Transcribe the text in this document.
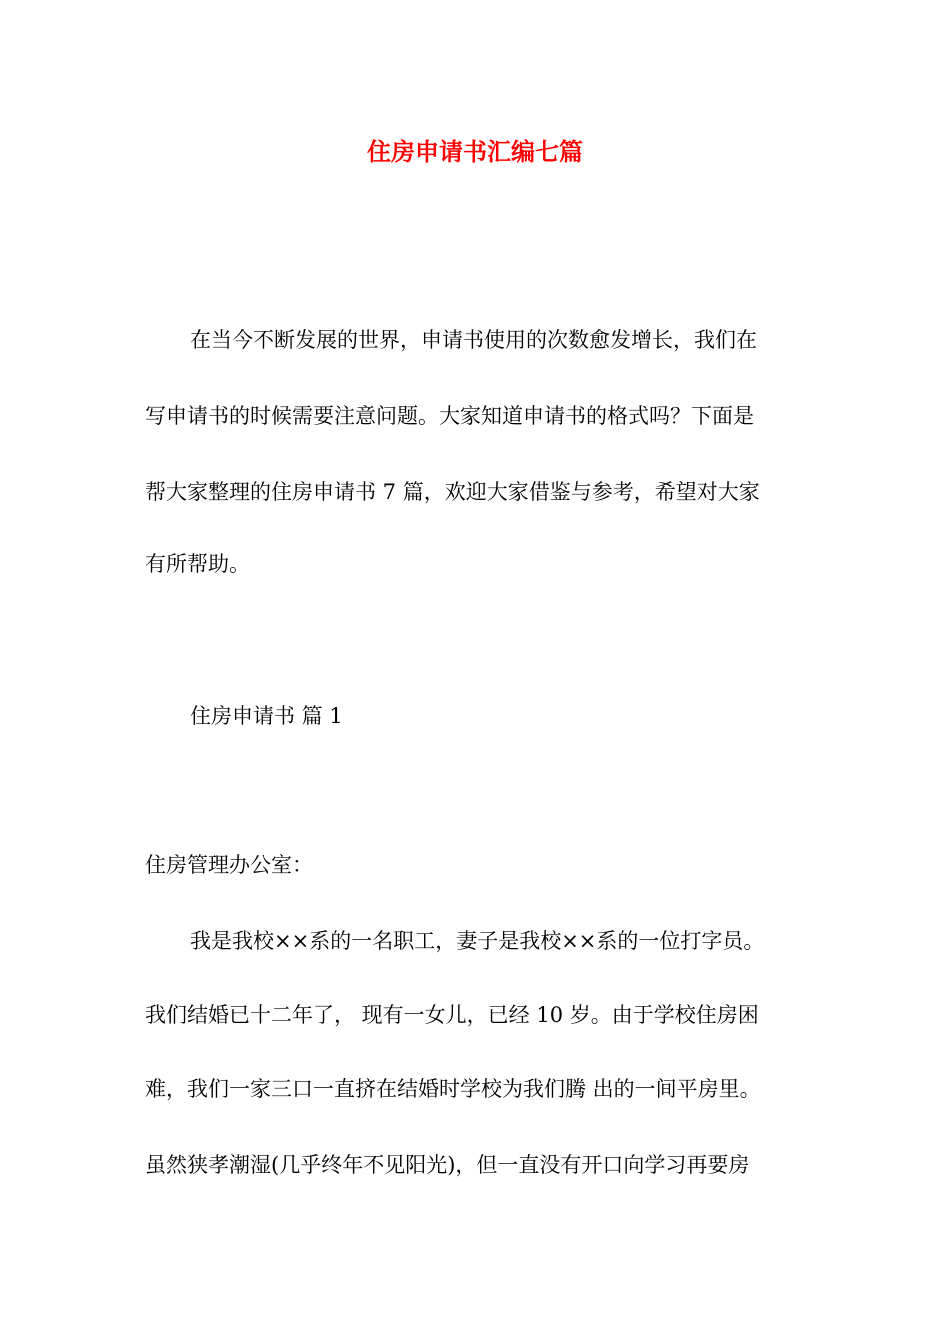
住房申请书汇编七篇

在当今不断发展的世界，申请书使用的次数愈发增长，我们在

写申请书的时候需要注意问题。大家知道申请书的格式吗？下面是

帮大家整理的住房申请书 7 篇，欢迎大家借鉴与参考，希望对大家

有所帮助。

住房申请书 篇 1

住房管理办公室：

我是我校××系的一名职工，妻子是我校××系的一位打字员。

我们结婚已十二年了， 现有一女儿，已经 10 岁。由于学校住房困

难，我们一家三口一直挤在结婚时学校为我们腾 出的一间平房里。

虽然狭孝潮湿(几乎终年不见阳光)，但一直没有开口向学习再要房
